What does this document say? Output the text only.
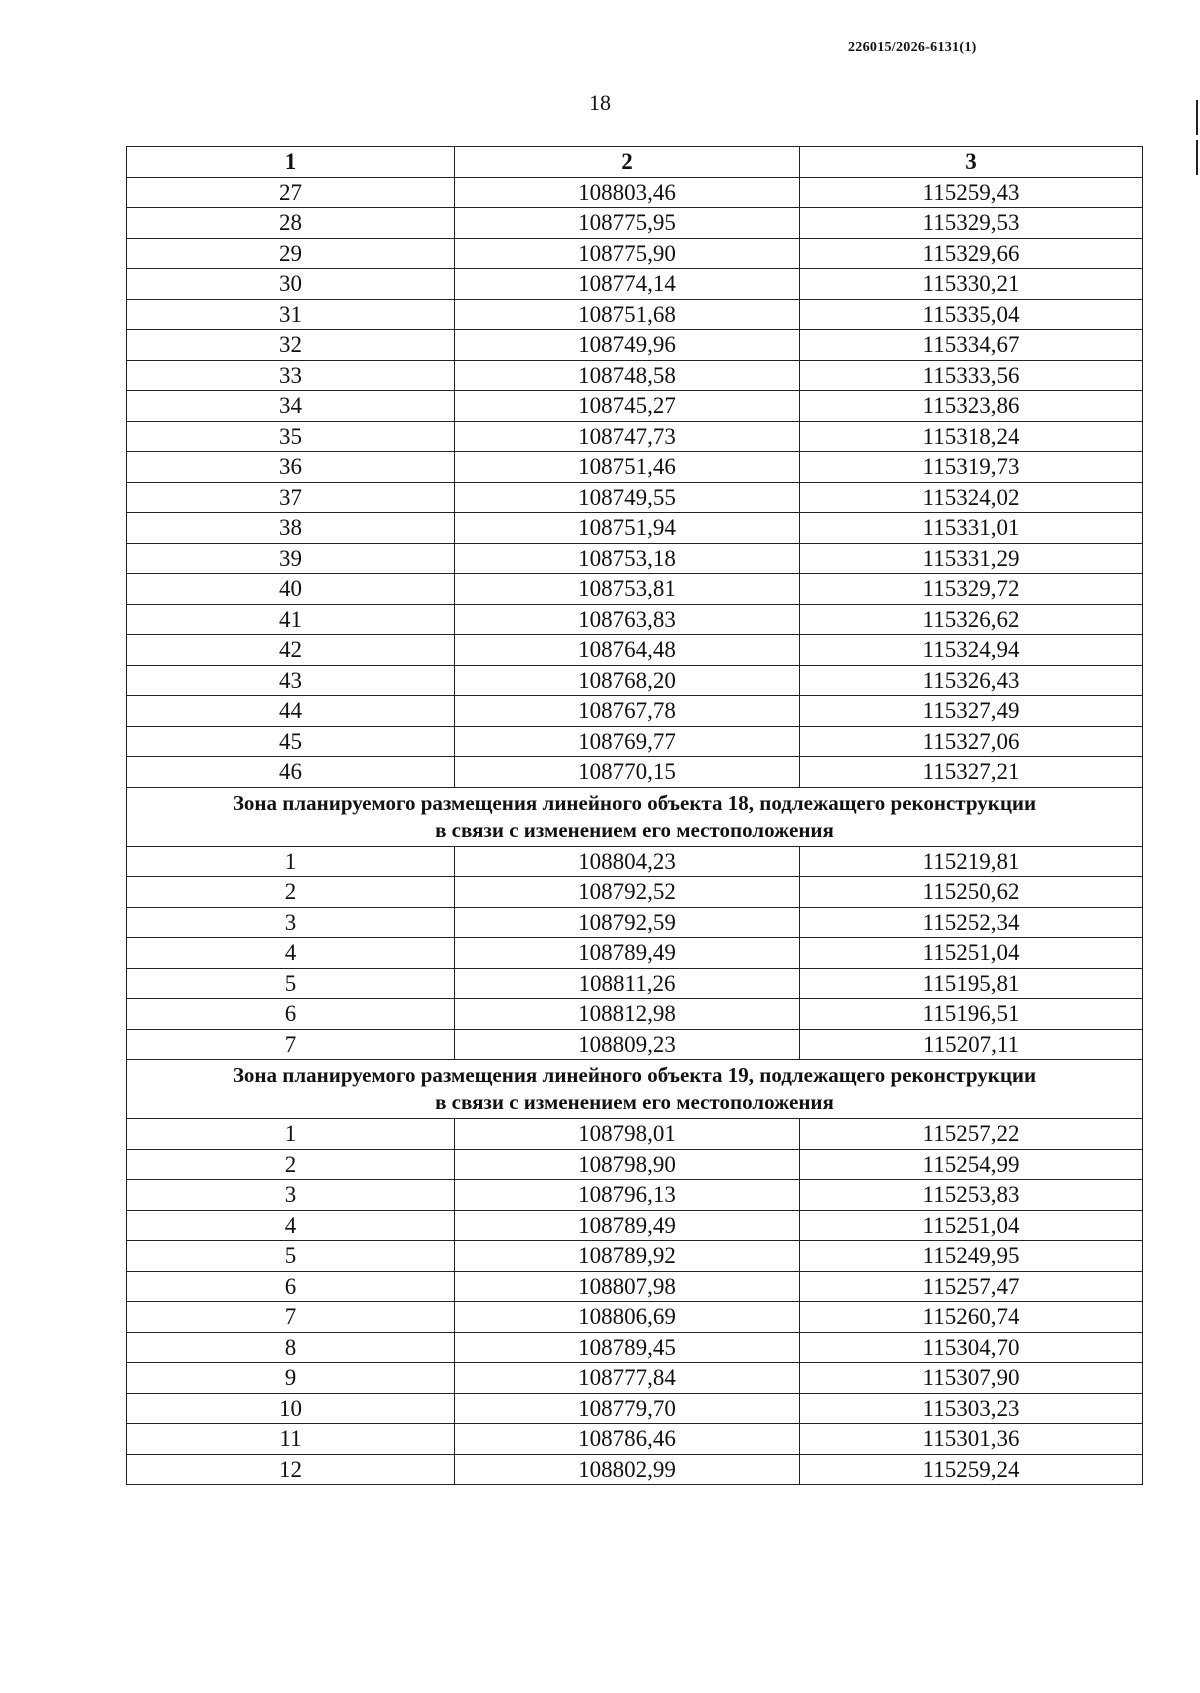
226015/2026-6131(1)
18
1	2	3
27	108803,46	115259,43
28	108775,95	115329,53
29	108775,90	115329,66
30	108774,14	115330,21
31	108751,68	115335,04
32	108749,96	115334,67
33	108748,58	115333,56
34	108745,27	115323,86
35	108747,73	115318,24
36	108751,46	115319,73
37	108749,55	115324,02
38	108751,94	115331,01
39	108753,18	115331,29
40	108753,81	115329,72
41	108763,83	115326,62
42	108764,48	115324,94
43	108768,20	115326,43
44	108767,78	115327,49
45	108769,77	115327,06
46	108770,15	115327,21

Зона планируемого размещения линейного объекта 18, подлежащего реконструкции
в связи с изменением его местоположения		

1	108804,23	115219,81
2	108792,52	115250,62
3	108792,59	115252,34
4	108789,49	115251,04
5	108811,26	115195,81
6	108812,98	115196,51
7	108809,23	115207,11

Зона планируемого размещения линейного объекта 19, подлежащего реконструкции
в связи с изменением его местоположения		

1	108798,01	115257,22
2	108798,90	115254,99
3	108796,13	115253,83
4	108789,49	115251,04
5	108789,92	115249,95
6	108807,98	115257,47
7	108806,69	115260,74
8	108789,45	115304,70
9	108777,84	115307,90
10	108779,70	115303,23
11	108786,46	115301,36
12	108802,99	115259,24
